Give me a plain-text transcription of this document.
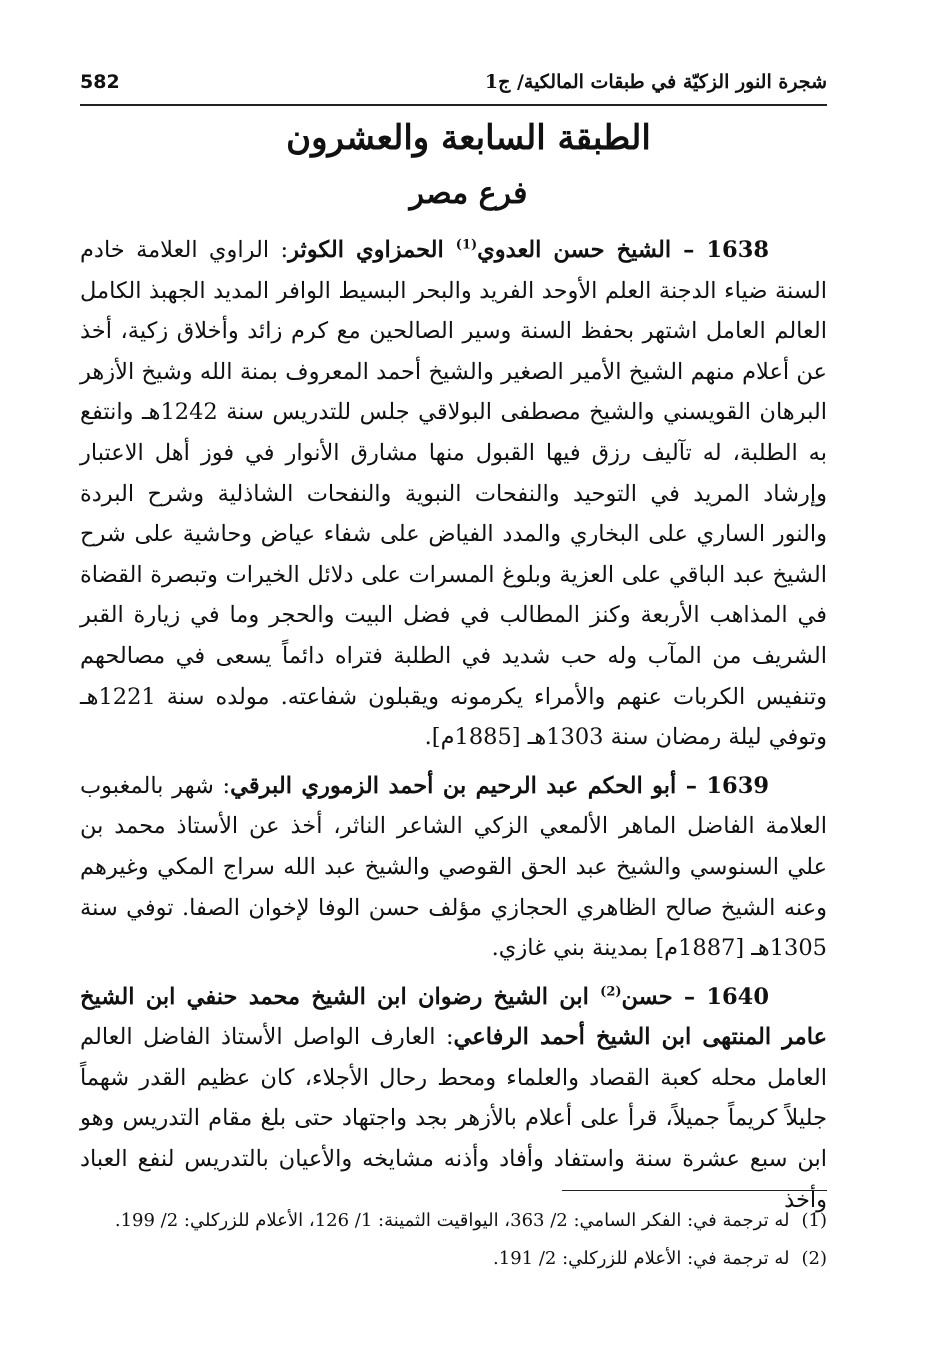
شجرة النور الزكيّة في طبقات المالكية/ ج1
582
الطبقة السابعة والعشرون
فرع مصر

1638 – الشيخ حسن العدوي$^{(1)}$ الحمزاوي الكوثر: الراوي العلامة خادم السنة ضياء الدجنة العلم الأوحد الفريد والبحر البسيط الوافر المديد الجهبذ الكامل العالم العامل اشتهر بحفظ السنة وسير الصالحين مع كرم زائد وأخلاق زكية، أخذ عن أعلام منهم الشيخ الأمير الصغير والشيخ أحمد المعروف بمنة الله وشيخ الأزهر البرهان القويسني والشيخ مصطفى البولاقي جلس للتدريس سنة 1242هـ وانتفع به الطلبة، له تآليف رزق فيها القبول منها مشارق الأنوار في فوز أهل الاعتبار وإرشاد المريد في التوحيد والنفحات النبوية والنفحات الشاذلية وشرح البردة والنور الساري على البخاري والمدد الفياض على شفاء عياض وحاشية على شرح الشيخ عبد الباقي على العزية وبلوغ المسرات على دلائل الخيرات وتبصرة القضاة في المذاهب الأربعة وكنز المطالب في فضل البيت والحجر وما في زيارة القبر الشريف من المآب وله حب شديد في الطلبة فتراه دائماً يسعى في مصالحهم وتنفيس الكربات عنهم والأمراء يكرمونه ويقبلون شفاعته. مولده سنة 1221هـ وتوفي ليلة رمضان سنة 1303هـ [1885م].

1639 – أبو الحكم عبد الرحيم بن أحمد الزموري البرقي: شهر بالمغبوب العلامة الفاضل الماهر الألمعي الزكي الشاعر الناثر، أخذ عن الأستاذ محمد بن علي السنوسي والشيخ عبد الحق القوصي والشيخ عبد الله سراج المكي وغيرهم وعنه الشيخ صالح الظاهري الحجازي مؤلف حسن الوفا لإخوان الصفا. توفي سنة 1305هـ [1887م] بمدينة بني غازي.

1640 – حسن$^{(2)}$ ابن الشيخ رضوان ابن الشيخ محمد حنفي ابن الشيخ عامر المنتهى ابن الشيخ أحمد الرفاعي: العارف الواصل الأستاذ الفاضل العالم العامل محله كعبة القصاد والعلماء ومحط رحال الأجلاء، كان عظيم القدر شهماً جليلاً كريماً جميلاً، قرأ على أعلام بالأزهر بجد واجتهاد حتى بلغ مقام التدريس وهو ابن سبع عشرة سنة واستفاد وأفاد وأذنه مشايخه والأعيان بالتدريس لنفع العباد وأخذ

(1)
له ترجمة في: الفكر السامي: 2/ 363، اليواقيت الثمينة: 1/ 126، الأعلام للزركلي: 2/ 199.
(2)
له ترجمة في: الأعلام للزركلي: 2/ 191.
